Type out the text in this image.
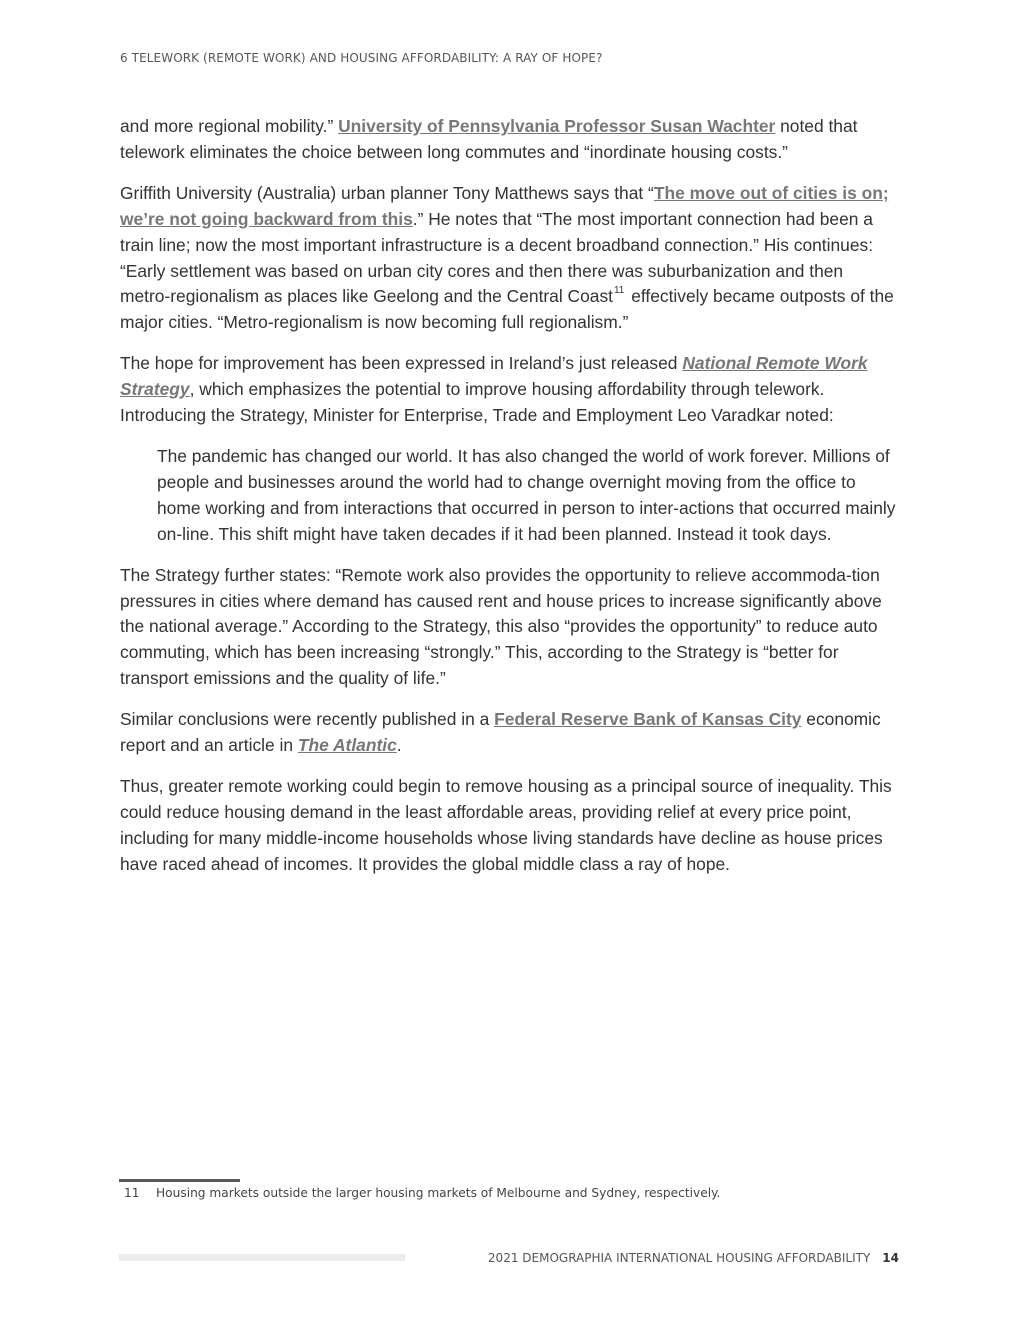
6 TELEWORK (REMOTE WORK) AND HOUSING AFFORDABILITY: A RAY OF HOPE?

and more regional mobility.” University of Pennsylvania Professor Susan Wachter noted that telework eliminates the choice between long commutes and “inordinate housing costs.”

Griffith University (Australia) urban planner Tony Matthews says that “The move out of cities is on; we’re not going backward from this.” He notes that “The most important connection had been a train line; now the most important infrastructure is a decent broadband connection.” His continues: “Early settlement was based on urban city cores and then there was suburbanization and then metro-regionalism as places like Geelong and the Central Coast$^{11}$ effectively became outposts of the major cities. “Metro-regionalism is now becoming full regionalism.”

The hope for improvement has been expressed in Ireland’s just released National Remote Work Strategy, which emphasizes the potential to improve housing affordability through telework. Introducing the Strategy, Minister for Enterprise, Trade and Employment Leo Varadkar noted:

The pandemic has changed our world. It has also changed the world of work forever. Millions of people and businesses around the world had to change overnight moving from the office to home working and from interactions that occurred in person to inter-actions that occurred mainly on-line. This shift might have taken decades if it had been planned. Instead it took days.

The Strategy further states: “Remote work also provides the opportunity to relieve accommoda-tion pressures in cities where demand has caused rent and house prices to increase significantly above the national average.” According to the Strategy, this also “provides the opportunity” to reduce auto commuting, which has been increasing “strongly.” This, according to the Strategy is “better for transport emissions and the quality of life.”

Similar conclusions were recently published in a Federal Reserve Bank of Kansas City economic report and an article in The Atlantic.

Thus, greater remote working could begin to remove housing as a principal source of inequality. This could reduce housing demand in the least affordable areas, providing relief at every price point, including for many middle-income households whose living standards have decline as house prices have raced ahead of incomes. It provides the global middle class a ray of hope.

11 Housing markets outside the larger housing markets of Melbourne and Sydney, respectively.
2021 DEMOGRAPHIA INTERNATIONAL HOUSING AFFORDABILITY 14
